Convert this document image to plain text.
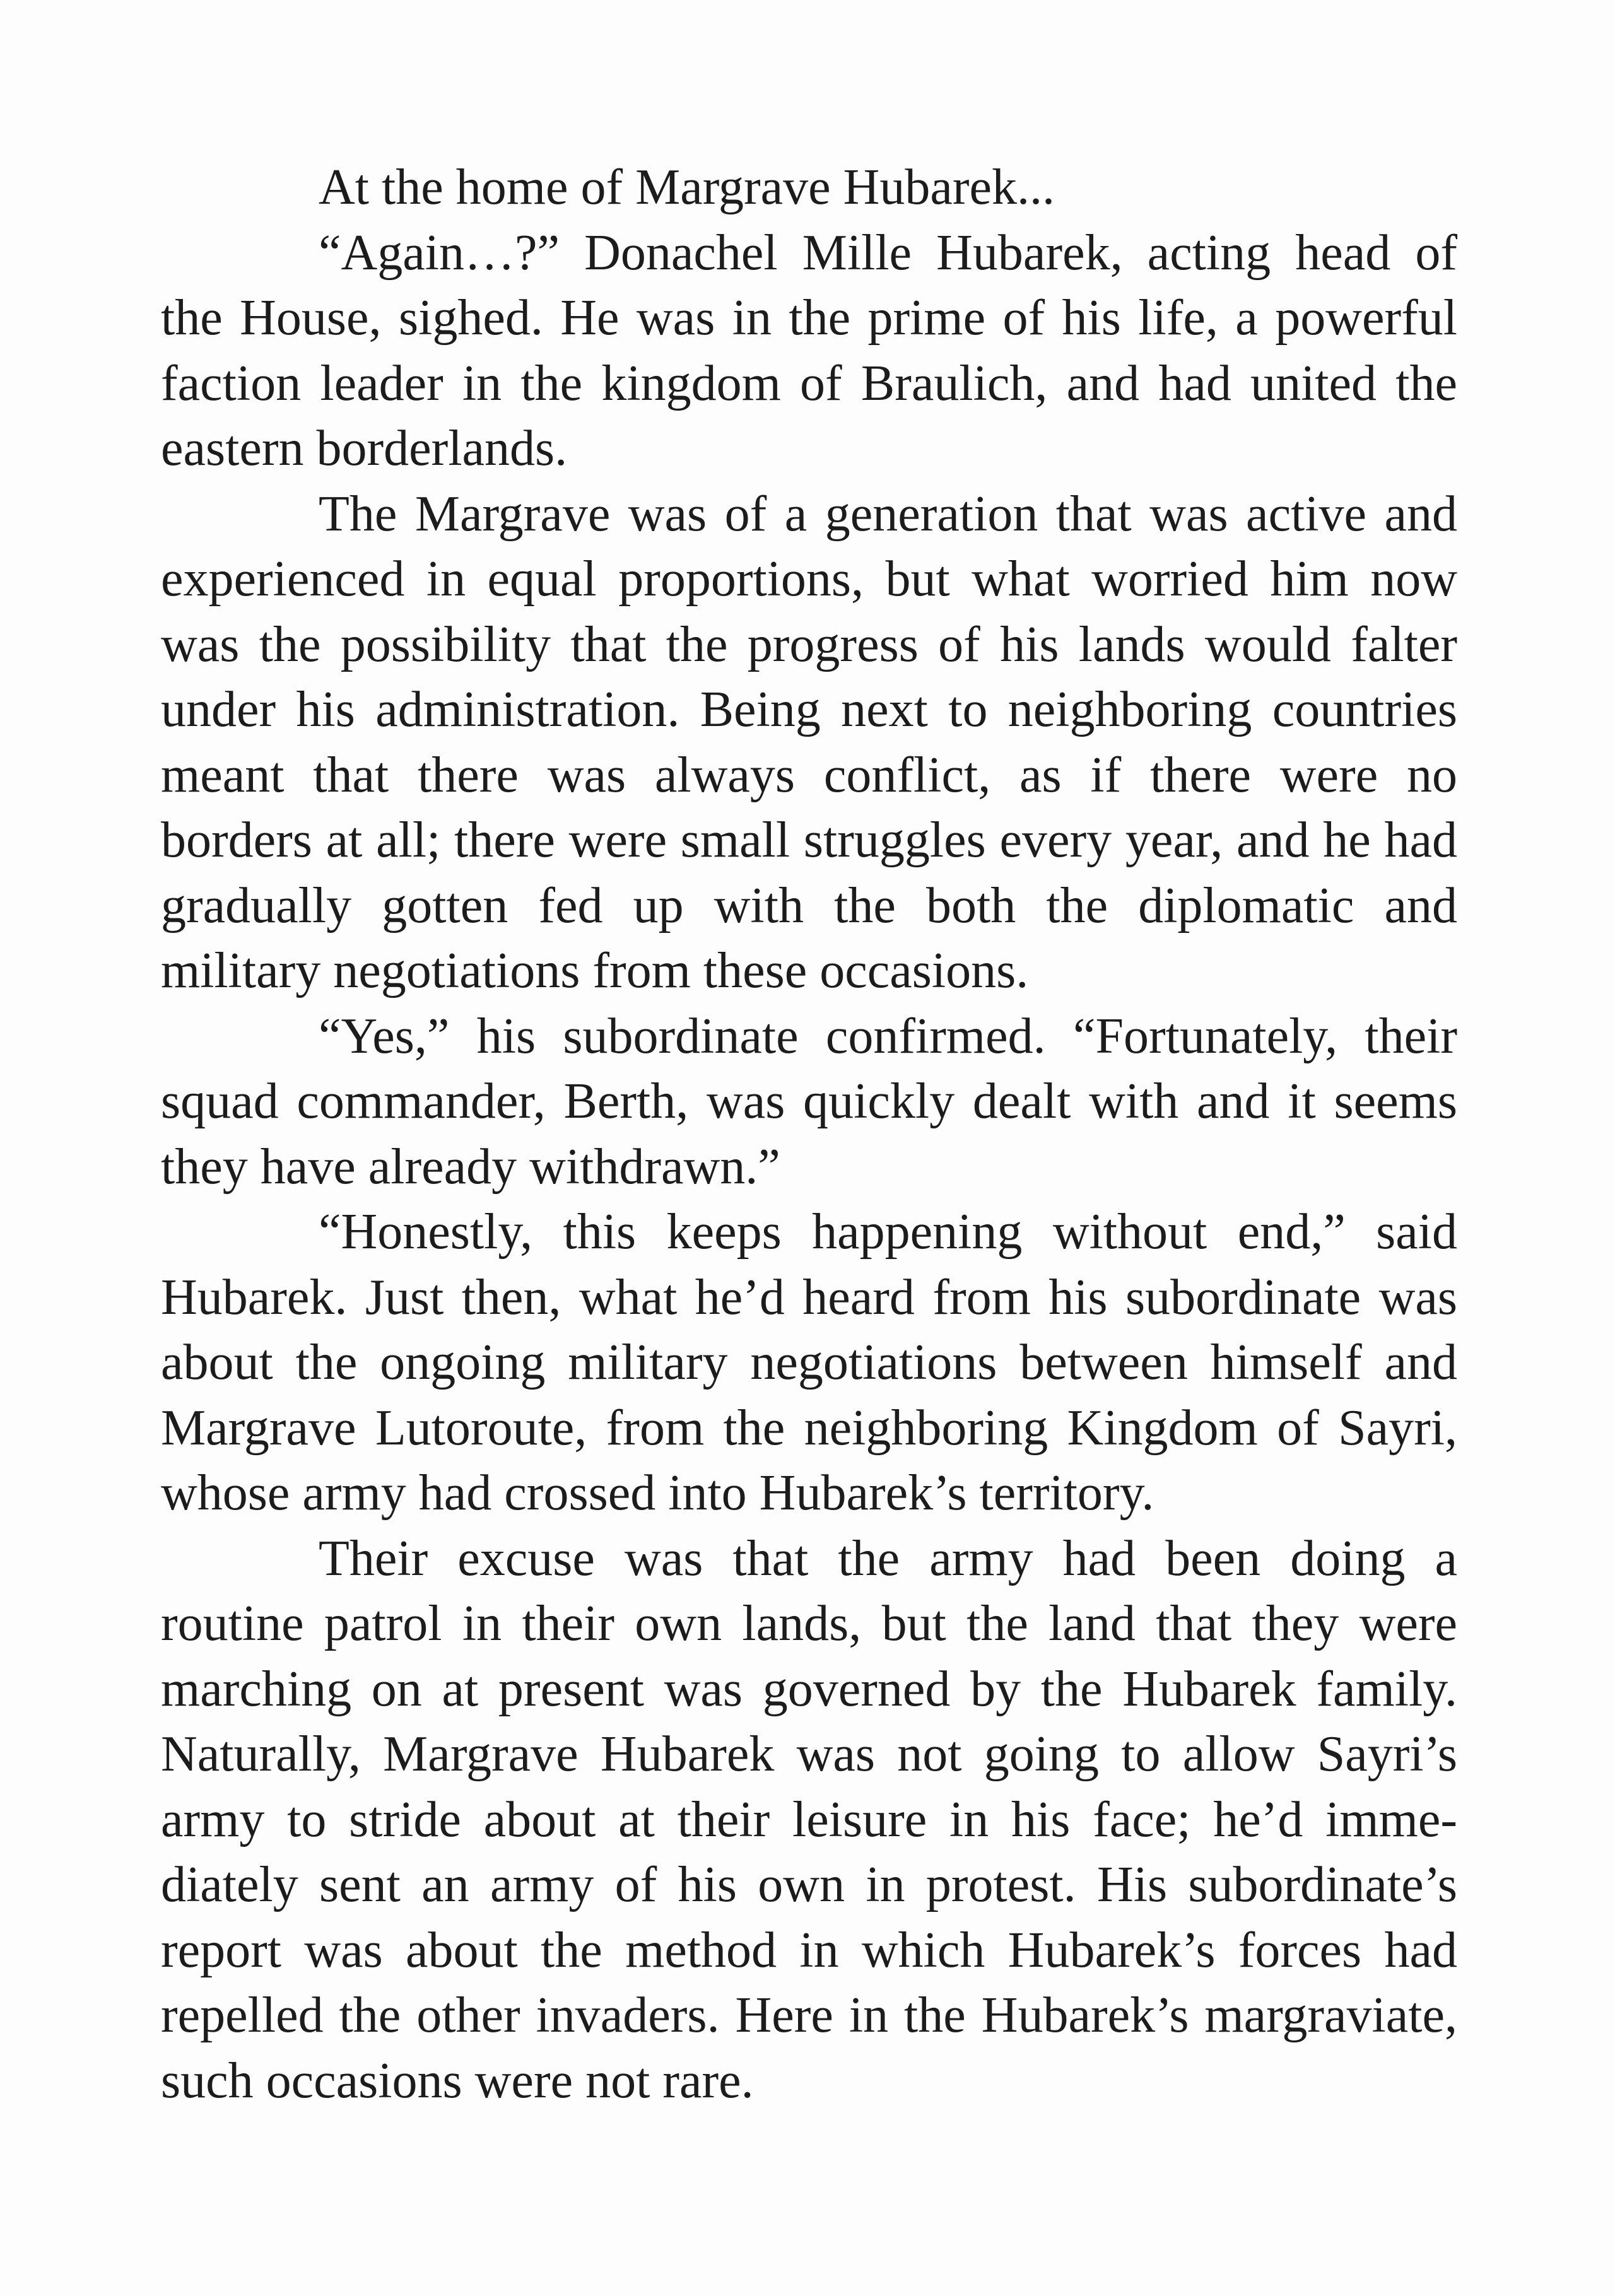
At the home of Margrave Hubarek...

“Again…?” Donachel Mille Hubarek, acting head of the House, sighed. He was in the prime of his life, a powerful faction leader in the kingdom of Braulich, and had united the eastern borderlands.

The Margrave was of a generation that was active and experienced in equal proportions, but what worried him now was the possibility that the progress of his lands would falter under his administration. Being next to neighboring countries meant that there was always conflict, as if there were no borders at all; there were small struggles every year, and he had gradually gotten fed up with the both the diplomatic and military negotiations from these occasions.

“Yes,” his subordinate confirmed. “Fortunately, their squad commander, Berth, was quickly dealt with and it seems they have already withdrawn.”

“Honestly, this keeps happening without end,” said Hubarek. Just then, what he’d heard from his subordinate was about the ongoing military negotiations between himself and Margrave Lutoroute, from the neighboring Kingdom of Sayri, whose army had crossed into Hubarek’s territory.

Their excuse was that the army had been doing a routine patrol in their own lands, but the land that they were marching on at present was governed by the Hubarek family. Naturally, Margrave Hubarek was not going to allow Sayri’s army to stride about at their leisure in his face; he’d immediately sent an army of his own in protest. His subordinate’s report was about the method in which Hubarek’s forces had repelled the other invaders. Here in the Hubarek’s margraviate, such occasions were not rare.
